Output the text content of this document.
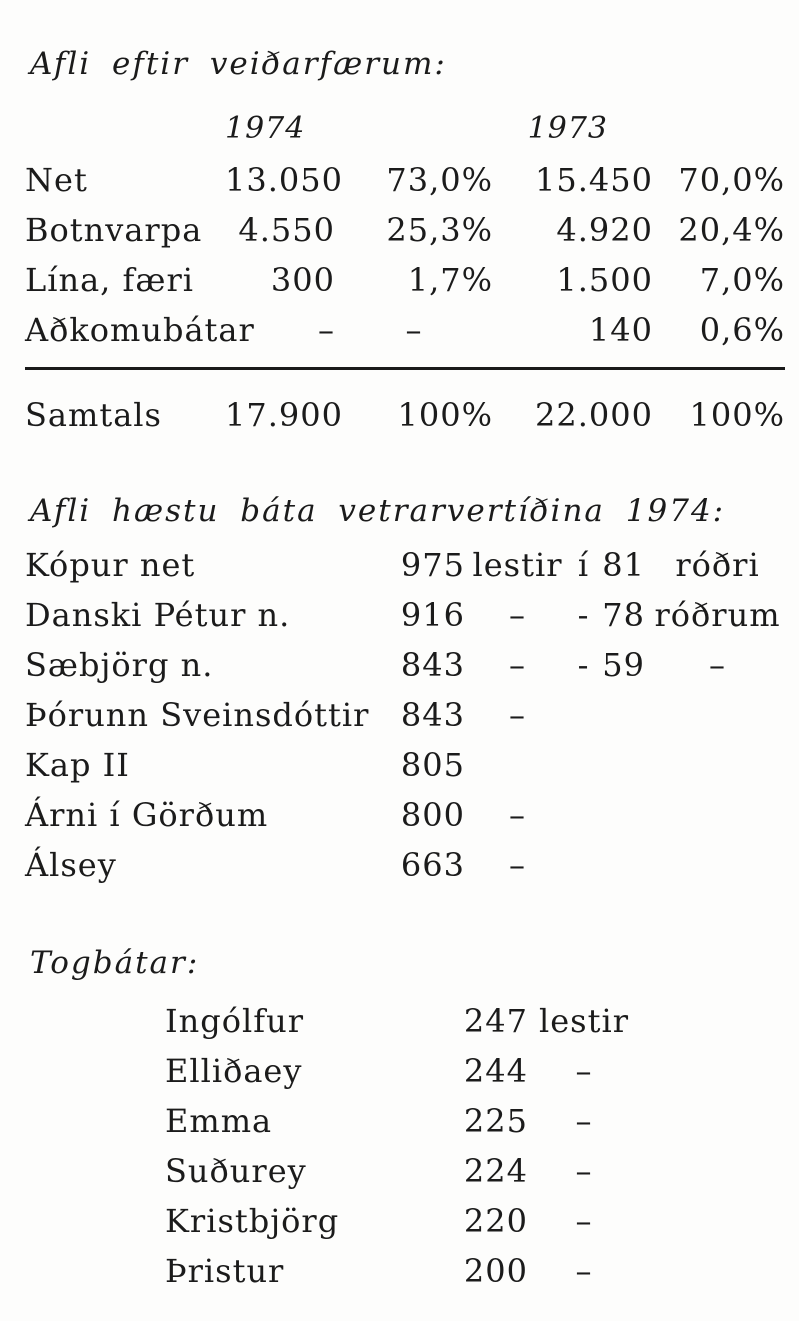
Afli eftir veiðarfærum:
	1974		1973	
Net	13.050	73,0%	15.450	70,0%
Botnvarpa	4.550	25,3%	4.920	20,4%
Lína, færi	300	1,7%	1.500	7,0%
Aðkomubátar	–	–	140	0,6%
Samtals	17.900	100%	22.000	100%
Afli hæstu báta vetrarvertíðina 1974:
Kópur net	975	lestir	í	81	róðri
Danski Pétur n.	916	–	-	78	róðrum
Sæbjörg n.	843	–	-	59	–
Þórunn Sveinsdóttir	843	–			
Kap II	805				
Árni í Görðum	800	–			
Álsey	663	–			
Togbátar:
Ingólfur	247	lestir
Elliðaey	244	–
Emma	225	–
Suðurey	224	–
Kristbjörg	220	–
Þristur	200	–
